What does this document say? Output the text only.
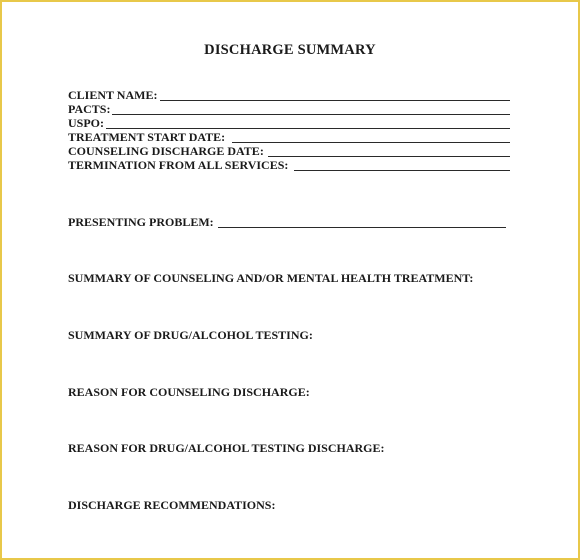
DISCHARGE SUMMARY
CLIENT NAME:
PACTS:
USPO:
TREATMENT START DATE:
COUNSELING DISCHARGE DATE:
TERMINATION FROM ALL SERVICES:
PRESENTING PROBLEM:
SUMMARY OF COUNSELING AND/OR MENTAL HEALTH TREATMENT:
SUMMARY OF DRUG/ALCOHOL TESTING:
REASON FOR COUNSELING DISCHARGE:
REASON FOR DRUG/ALCOHOL TESTING DISCHARGE:
DISCHARGE RECOMMENDATIONS:
